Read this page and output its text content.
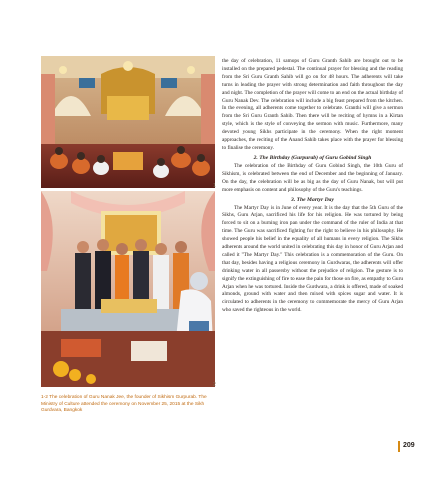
1
2
1-2 The celebration of Guru Nanak Jee, the founder of Sikhism Gurpurab. The Ministry of Culture attended the ceremony on November 25, 2015 at the Sikh Gurdvara, Bangkok

the day of celebration, 11 samops of Guru Granth Sahib are brought out to be installed on the prepared pedestal. The continual prayer for blessing and the reading from the Sri Guru Granth Sahib will go on for 48 hours. The adherents will take turns in leading the prayer with strong determination and faith throughout the day and night. The completion of the prayer will come to an end on the actual birthday of Guru Nanak Dev. The celebration will include a big feast prepared from the kitchen. In the evening, all adherents come together to celebrate. Granthi will give a sermon from the Sri Guru Granth Sahib. Then there will be reciting of hymns in a Kirtan style, which is the style of conveying the sermon with music. Furthermore, many devoted young Sikhs participate in the ceremony. When the right moment approaches, the reciting of the Anand Sahib takes place with the prayer for blessing to finalise the ceremony.

2. The Birthday (Gurpurab) of Guru Gobind Singh

The celebration of the Birthday of Guru Gobind Singh, the 10th Guru of Sikhism, is celebrated between the end of December and the beginning of January. On the day, the celebration will be as big as the day of Guru Nanak, but will put more emphasis on content and philosophy of the Guru's teachings.

3. The Martyr Day

The Martyr Day is in June of every year. It is the day that the 5th Guru of the Sikhs, Guru Arjan, sacrificed his life for his religion. He was tortured by being forced to sit on a burning iron pan under the command of the ruler of India at that time. The Guru was sacrificed fighting for the right to believe in his philosophy. He showed people his belief in the equality of all humans in every religion. The Sikhs adherents around the world united in celebrating this day in honor of Guru Arjan and called it "The Martyr Day." This celebration is a commemoration of the Guru. On that day, besides having a religious ceremony in Gurdwaras, the adherents will offer drinking water in all passersby without the prejudice of religion. The gesture is to signify the extinguishing of fire to ease the pain for those on fire, as empathy to Guru Arjan when he was tortured. Inside the Gurdwara, a drink is offered, made of soaked almonds, ground with water and then mixed with spices sugar and water. It is circulated to adherents in the ceremony to commemorate the mercy of Guru Arjan who saved the righteous in the world.

209
